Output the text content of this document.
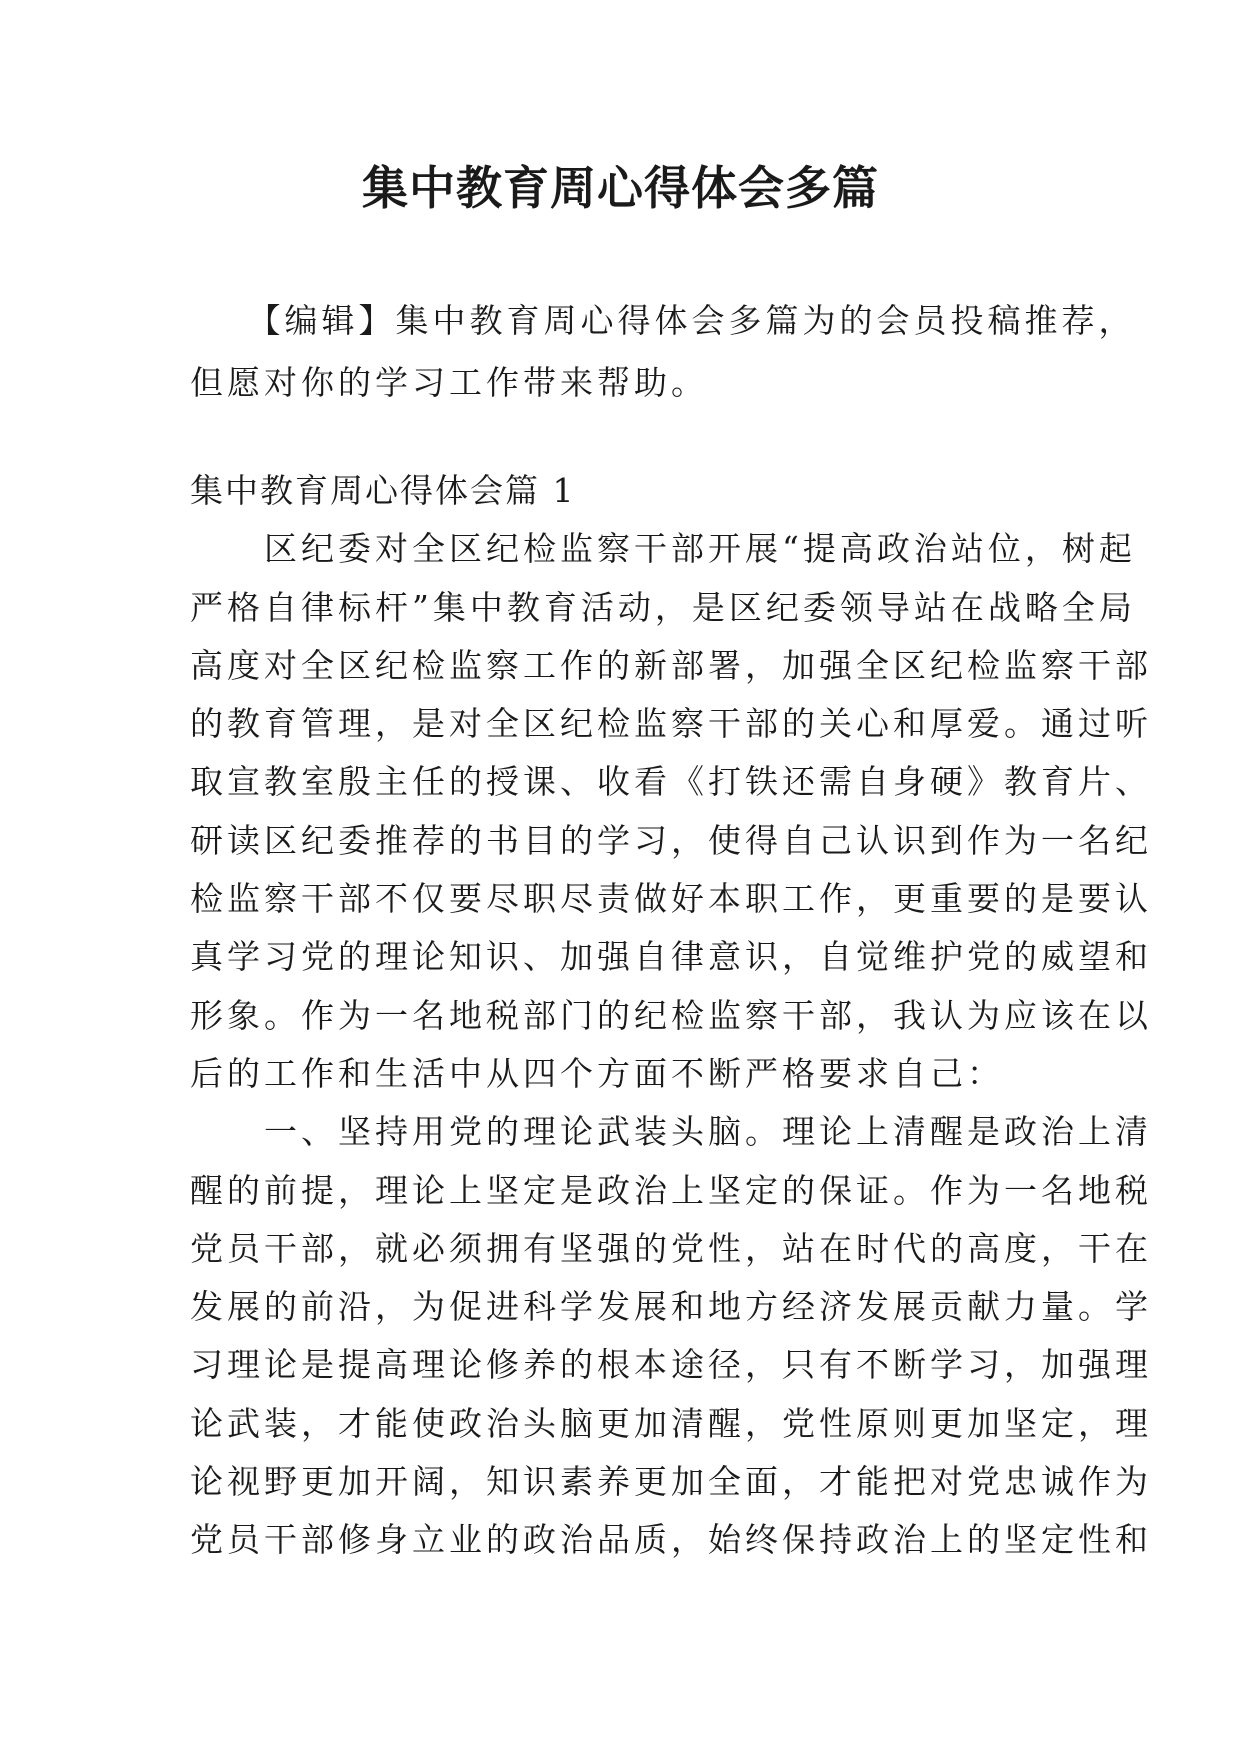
集中教育周心得体会多篇
　　【编辑】集中教育周心得体会多篇为的会员投稿推荐，
但愿对你的学习工作带来帮助。
集中教育周心得体会篇 1
　　区纪委对全区纪检监察干部开展“提高政治站位，树起
严格自律标杆”集中教育活动，是区纪委领导站在战略全局
高度对全区纪检监察工作的新部署，加强全区纪检监察干部
的教育管理，是对全区纪检监察干部的关心和厚爱。通过听
取宣教室殷主任的授课、收看《打铁还需自身硬》教育片、
研读区纪委推荐的书目的学习，使得自己认识到作为一名纪
检监察干部不仅要尽职尽责做好本职工作，更重要的是要认
真学习党的理论知识、加强自律意识，自觉维护党的威望和
形象。作为一名地税部门的纪检监察干部，我认为应该在以
后的工作和生活中从四个方面不断严格要求自己：
　　一、坚持用党的理论武装头脑。理论上清醒是政治上清
醒的前提，理论上坚定是政治上坚定的保证。作为一名地税
党员干部，就必须拥有坚强的党性，站在时代的高度，干在
发展的前沿，为促进科学发展和地方经济发展贡献力量。学
习理论是提高理论修养的根本途径，只有不断学习，加强理
论武装，才能使政治头脑更加清醒，党性原则更加坚定，理
论视野更加开阔，知识素养更加全面，才能把对党忠诚作为
党员干部修身立业的政治品质，始终保持政治上的坚定性和
